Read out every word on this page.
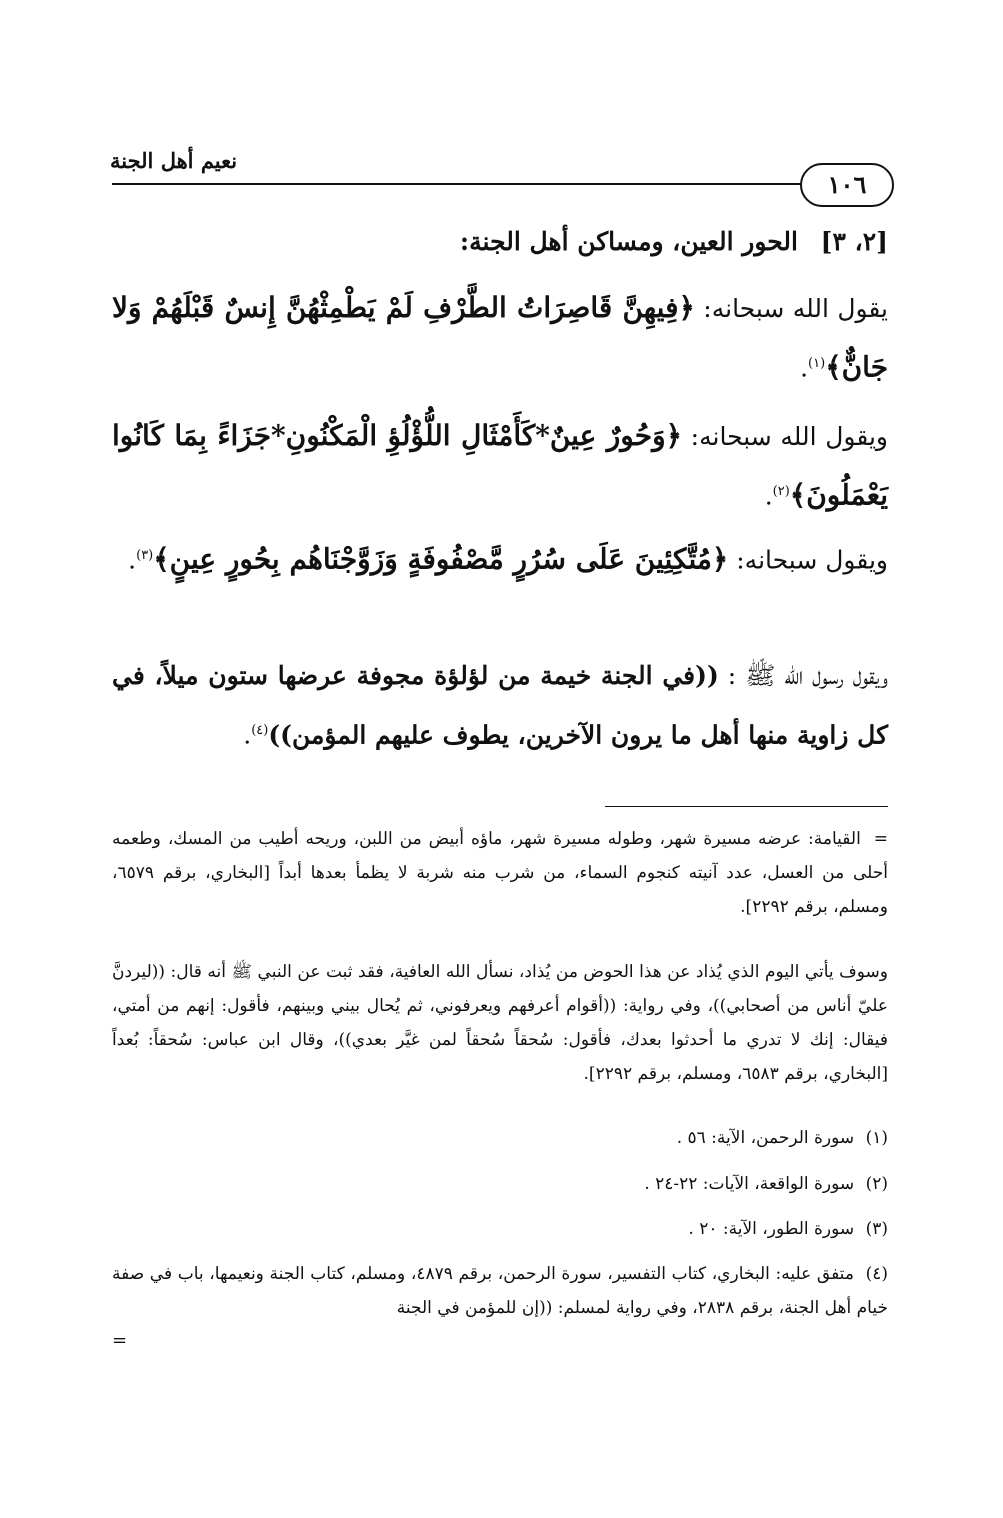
نعيم أهل الجنة
١٠٦
[٢، ٣] الحور العين، ومساكن أهل الجنة:
يقول الله سبحانه: ﴿فِيهِنَّ قَاصِرَاتُ الطَّرْفِ لَمْ يَطْمِثْهُنَّ إِنسٌ قَبْلَهُمْ وَلا جَانٌّ﴾$^{(١)}$.
ويقول الله سبحانه: ﴿وَحُورٌ عِينٌ*كَأَمْثَالِ اللُّؤْلُؤِ الْمَكْنُونِ*جَزَاءً بِمَا كَانُوا يَعْمَلُونَ﴾$^{(٢)}$.
ويقول سبحانه: ﴿مُتَّكِئِينَ عَلَى سُرُرٍ مَّصْفُوفَةٍ وَزَوَّجْنَاهُم بِحُورٍ عِينٍ﴾$^{(٣)}$.
ويقول رسول الله ﷺ : ((في الجنة خيمة من لؤلؤة مجوفة عرضها ستون ميلاً، في كل زاوية منها أهل ما يرون الآخرين، يطوف عليهم المؤمن))$^{(٤)}$.
= القيامة: عرضه مسيرة شهر، وطوله مسيرة شهر، ماؤه أبيض من اللبن، وريحه أطيب من المسك، وطعمه أحلى من العسل، عدد آنيته كنجوم السماء، من شرب منه شربة لا يظمأ بعدها أبداً [البخاري، برقم ٦٥٧٩، ومسلم، برقم ٢٢٩٢].
وسوف يأتي اليوم الذي يُذاد عن هذا الحوض من يُذاد، نسأل الله العافية، فقد ثبت عن النبي ﷺ أنه قال: ((ليردنَّ عليّ أناس من أصحابي))، وفي رواية: ((أقوام أعرفهم ويعرفوني، ثم يُحال بيني وبينهم، فأقول: إنهم من أمتي، فيقال: إنك لا تدري ما أحدثوا بعدك، فأقول: سُحقاً سُحقاً لمن غيَّر بعدي))، وقال ابن عباس: سُحقاً: بُعداً [البخاري، برقم ٦٥٨٣، ومسلم، برقم ٢٢٩٢].
(١) سورة الرحمن، الآية: ٥٦ .
(٢) سورة الواقعة، الآيات: ٢٢-٢٤ .
(٣) سورة الطور، الآية: ٢٠ .
(٤) متفق عليه: البخاري، كتاب التفسير، سورة الرحمن، برقم ٤٨٧٩، ومسلم، كتاب الجنة ونعيمها، باب في صفة خيام أهل الجنة، برقم ٢٨٣٨، وفي رواية لمسلم: ((إن للمؤمن في الجنة
=
